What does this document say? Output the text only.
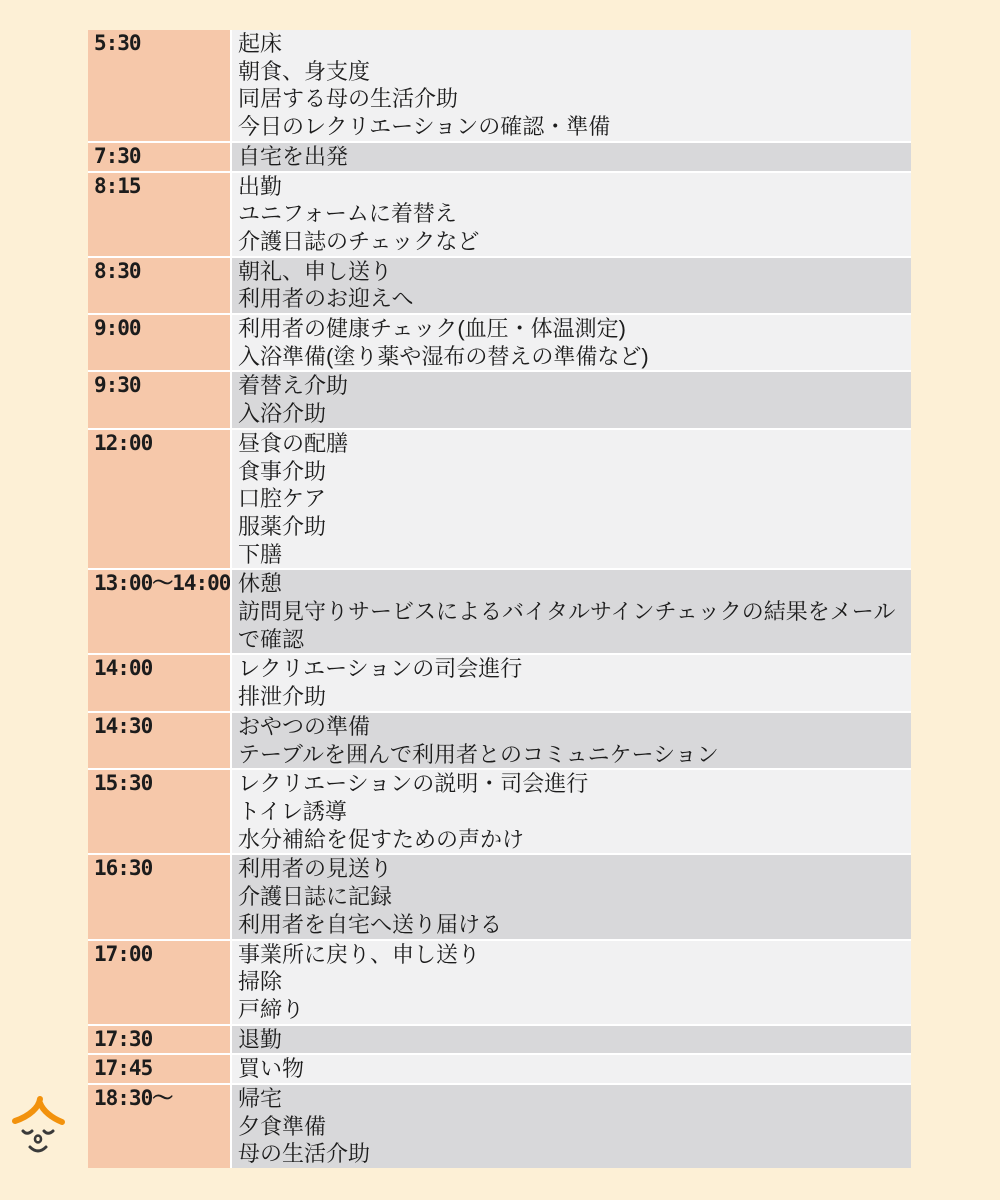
5:30	起床
朝食、身支度
同居する母の生活介助
今日のレクリエーションの確認・準備
7:30	自宅を出発
8:15	出勤
ユニフォームに着替え
介護日誌のチェックなど
8:30	朝礼、申し送り
利用者のお迎えへ
9:00	利用者の健康チェック(血圧・体温測定)
入浴準備(塗り薬や湿布の替えの準備など)
9:30	着替え介助
入浴介助
12:00	昼食の配膳
食事介助
口腔ケア
服薬介助
下膳
13:00〜14:00 休憩
訪問見守りサービスによるバイタルサインチェックの結果をメールで確認
14:00	レクリエーションの司会進行
排泄介助
14:30	おやつの準備
テーブルを囲んで利用者とのコミュニケーション
15:30	レクリエーションの説明・司会進行
トイレ誘導
水分補給を促すための声かけ
16:30	利用者の見送り
介護日誌に記録
利用者を自宅へ送り届ける
17:00	事業所に戻り、申し送り
掃除
戸締り
17:30	退勤
17:45	買い物
18:30〜	帰宅
夕食準備
母の生活介助
